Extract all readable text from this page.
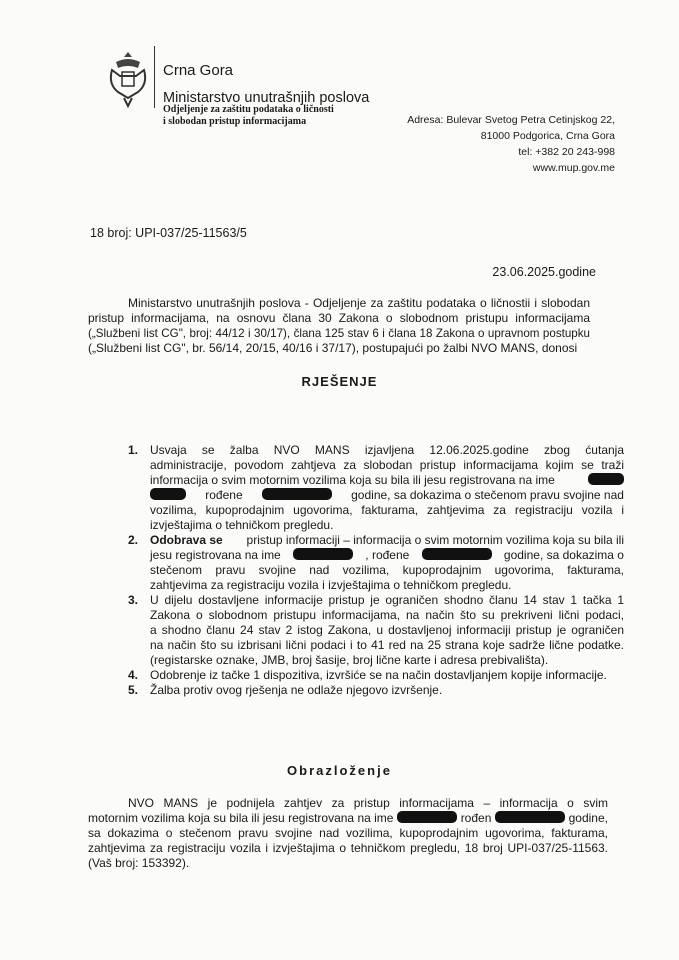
Crna Gora
Ministarstvo unutrašnjih poslova
Odjeljenje za zaštitu podataka o ličnosti
i slobodan pristup informacijama	Adresa: Bulevar Svetog Petra Cetinjskog 22,
81000 Podgorica, Crna Gora
tel: +382 20 243-998
www.mup.gov.me
18 broj: UPI-037/25-11563/5
23.06.2025.godine
Ministarstvo unutrašnjih poslova - Odjeljenje za zaštitu podataka o ličnostii i slobodan
pristup informacijama, na osnovu člana 30 Zakona o slobodnom pristupu informacijama
(„Službeni list CG", broj: 44/12 i 30/17), člana 125 stav 6 i člana 18 Zakona o upravnom postupku
(„Službeni list CG", br. 56/14, 20/15, 40/16 i 37/17), postupajući po žalbi NVO MANS, donosi
RJEŠENJE
1. Usvaja se žalba NVO MANS izjavljena 12.06.2025.godine zbog ćutanja
administracije, povodom zahtjeva za slobodan pristup informacijama kojim se traži
informacija o svim motornim vozilima koja su bila ili jesu registrovana na ime
rođene	godine, sa dokazima o stečenom pravu svojine nad
vozilima, kupoprodajnim ugovorima, fakturama, zahtjevima za registraciju vozila i
izvještajima o tehničkom pregledu.
2. Odobrava se pristup informaciji – informacija o svim motornim vozilima koja su bila ili
jesu registrovana na ime	, rođene	godine, sa dokazima o
stečenom pravu svojine nad vozilima, kupoprodajnim ugovorima, fakturama,
zahtjevima za registraciju vozila i izvještajima o tehničkom pregledu.
3. U dijelu dostavljene informacije pristup je ograničen shodno članu 14 stav 1 tačka 1
Zakona o slobodnom pristupu informacijama, na način što su prekriveni lični podaci,
a shodno članu 24 stav 2 istog Zakona, u dostavljenoj informaciji pristup je ograničen
na način što su izbrisani lični podaci i to 41 red na 25 strana koje sadrže lične podatke.
(registarske oznake, JMB, broj šasije, broj lične karte i adresa prebivališta).
4. Odobrenje iz tačke 1 dispozitiva, izvršiće se na način dostavljanjem kopije informacije.
5. Žalba protiv ovog rješenja ne odlaže njegovo izvršenje.
Obrazloženje
NVO MANS je podnijela zahtjev za pristup informacijama – informacija o svim
motornim vozilima koja su bila ili jesu registrovana na ime	rođen	godine,
sa dokazima o stečenom pravu svojine nad vozilima, kupoprodajnim ugovorima, fakturama,
zahtjevima za registraciju vozila i izvještajima o tehničkom pregledu, 18 broj UPI-037/25-11563.
(Vaš broj: 153392).
